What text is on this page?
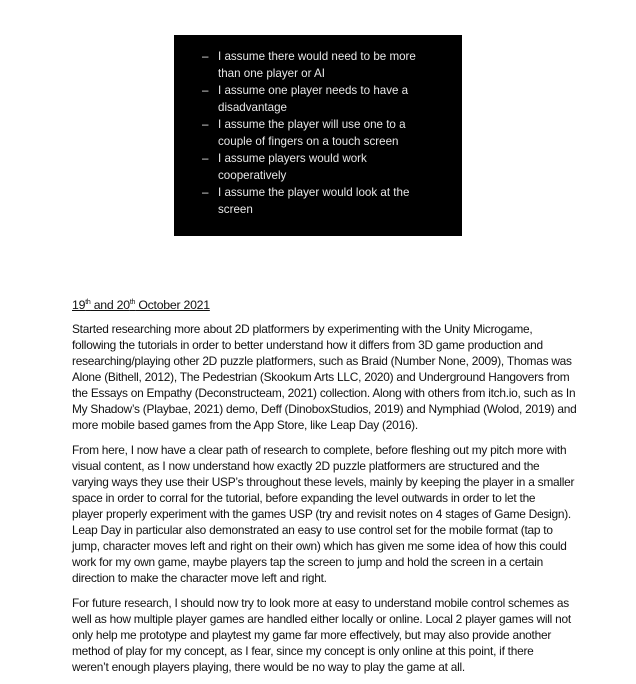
– I assume there would need to be more
than one player or AI
– I assume one player needs to have a
disadvantage
– I assume the player will use one to a
couple of fingers on a touch screen
– I assume players would work
cooperatively
– I assume the player would look at the
screen
19th and 20th October 2021
Started researching more about 2D platformers by experimenting with the Unity Microgame,
following the tutorials in order to better understand how it differs from 3D game production and
researching/playing other 2D puzzle platformers, such as Braid (Number None, 2009), Thomas was
Alone (Bithell, 2012), The Pedestrian (Skookum Arts LLC, 2020) and Underground Hangovers from
the Essays on Empathy (Deconstructeam, 2021) collection. Along with others from itch.io, such as In
My Shadow’s (Playbae, 2021) demo, Deff (DinoboxStudios, 2019) and Nymphiad (Wolod, 2019) and
more mobile based games from the App Store, like Leap Day (2016).
From here, I now have a clear path of research to complete, before fleshing out my pitch more with
visual content, as I now understand how exactly 2D puzzle platformers are structured and the
varying ways they use their USP’s throughout these levels, mainly by keeping the player in a smaller
space in order to corral for the tutorial, before expanding the level outwards in order to let the
player properly experiment with the games USP (try and revisit notes on 4 stages of Game Design).
Leap Day in particular also demonstrated an easy to use control set for the mobile format (tap to
jump, character moves left and right on their own) which has given me some idea of how this could
work for my own game, maybe players tap the screen to jump and hold the screen in a certain
direction to make the character move left and right.
For future research, I should now try to look more at easy to understand mobile control schemes as
well as how multiple player games are handled either locally or online. Local 2 player games will not
only help me prototype and playtest my game far more effectively, but may also provide another
method of play for my concept, as I fear, since my concept is only online at this point, if there
weren’t enough players playing, there would be no way to play the game at all.
